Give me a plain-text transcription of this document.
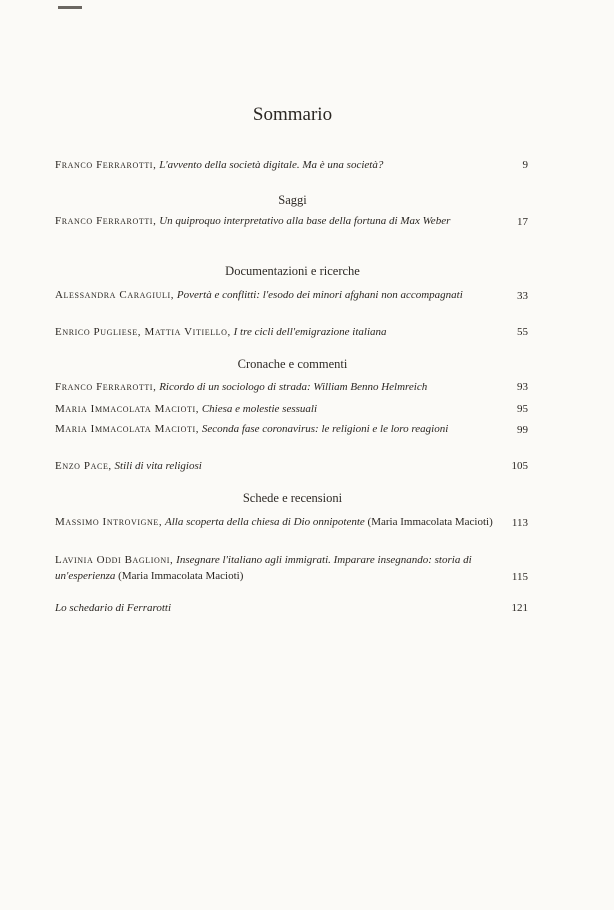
Sommario
Franco Ferrarotti, L'avvento della società digitale. Ma è una società?	9
Saggi
Franco Ferrarotti, Un quiproquo interpretativo alla base della fortuna di Max Weber	17
Documentazioni e ricerche
Alessandra Caragiuli, Povertà e conflitti: l'esodo dei minori afghani non accompagnati	33
Enrico Pugliese, Mattia Vitiello, I tre cicli dell'emigrazione italiana	55
Cronache e commenti
Franco Ferrarotti, Ricordo di un sociologo di strada: William Benno Helmreich	93
Maria Immacolata Macioti, Chiesa e molestie sessuali	95
Maria Immacolata Macioti, Seconda fase coronavirus: le religioni e le loro reagioni	99
Enzo Pace, Stili di vita religiosi	105
Schede e recensioni
Massimo Introvigne, Alla scoperta della chiesa di Dio onnipotente (Maria Immacolata Macioti) 113
Lavinia Oddi Baglioni, Insegnare l'italiano agli immigrati. Imparare insegnando: storia di un'esperienza (Maria Immacolata Macioti)	115
Lo schedario di Ferrarotti	121
